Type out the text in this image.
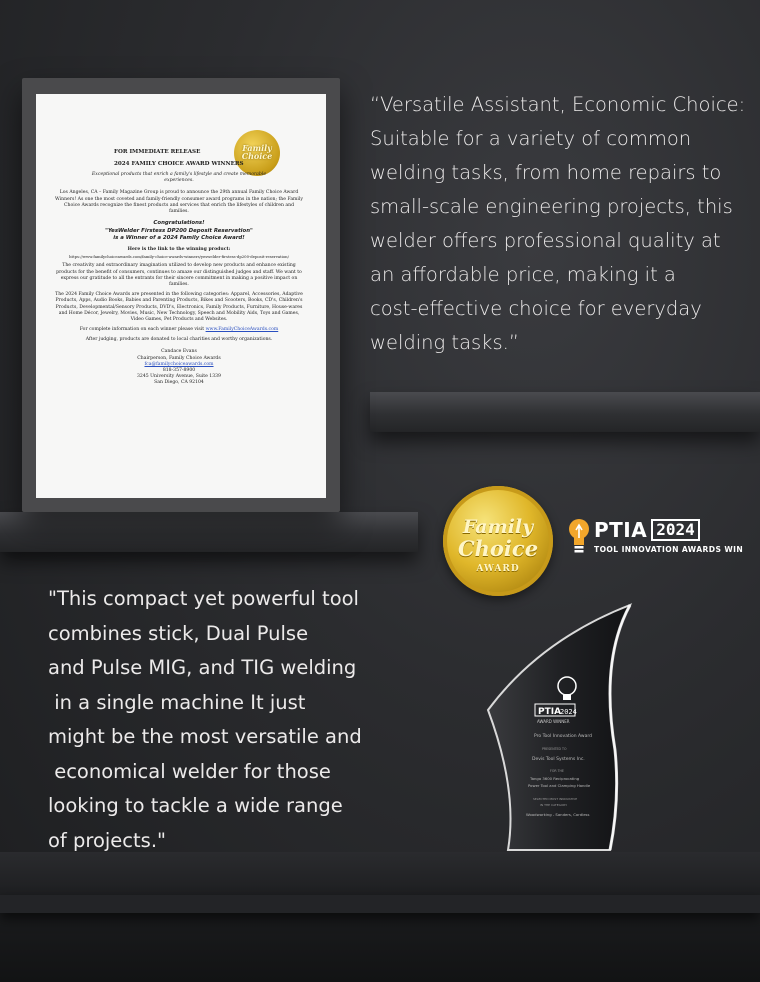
Family Choice
FOR IMMEDIATE RELEASE
2024 FAMILY CHOICE AWARD WINNERS
Exceptional products that enrich a family's lifestyle and create memorable experiences.

Los Angeles, CA – Family Magazine Group is proud to announce the 29th annual Family Choice Award Winners! As one the most coveted and family-friendly consumer award programs in the nation; the Family Choice Awards recognize the finest products and services that enrich the lifestyles of children and families.

Congratulations!
"YesWelder Firstess DP200 Deposit Reservation"
is a Winner of a 2024 Family Choice Award!

Here is the link to the winning product:

https://www.familychoiceawards.com/family-choice-awards-winners/yeswelder-firstess-dp200-deposit-reservation/

The creativity and extraordinary imagination utilized to develop new products and enhance existing products for the benefit of consumers, continues to amaze our distinguished judges and staff. We want to express our gratitude to all the entrants for their sincere commitment in making a positive impact on families.

The 2024 Family Choice Awards are presented in the following categories: Apparel, Accessories, Adaptive Products, Apps, Audio Books, Babies and Parenting Products, Bikes and Scooters, Books, CD's, Children's Products, Developmental/Sensory Products, DVD's, Electronics, Family Products, Furniture, House-wares and Home Décor, Jewelry, Movies, Music, New Technology, Speech and Mobility Aids, Toys and Games, Video Games, Pet Products and Websites.

For complete information on each winner please visit www.FamilyChoiceAwards.com

After judging, products are donated to local charities and worthy organizations.

Candace Evans
Chairperson, Family Choice Awards
fca@familychoiceawards.com
818-357-8900
3245 University Avenue, Suite 1339
San Diego, CA 92104
“Versatile Assistant, Economic Choice:
Suitable for a variety of common
welding tasks, from home repairs to
small-scale engineering projects, this
welder offers professional quality at
an affordable price, making it a
cost-effective choice for everyday
welding tasks.”
"This compact yet powerful tool
combines stick, Dual Pulse
and Pulse MIG, and TIG welding
in a single machine It just
might be the most versatile and
economical welder for those
looking to tackle a wide range
of projects."
Family
Choice
AWARD
PTIA 2024
TOOL INNOVATION AWARDS WIN
PTIA
2024
AWARD WINNER
Pro Tool Innovation Award
PRESENTED TO
Devis Tool Systems Inc.
FOR THE
Tango 3600 Reciprocating
Power Tool and Clamping Handle
SELECTED MOST INNOVATIVE
IN THE CATEGORY
Woodworking - Sanders, Cordless
